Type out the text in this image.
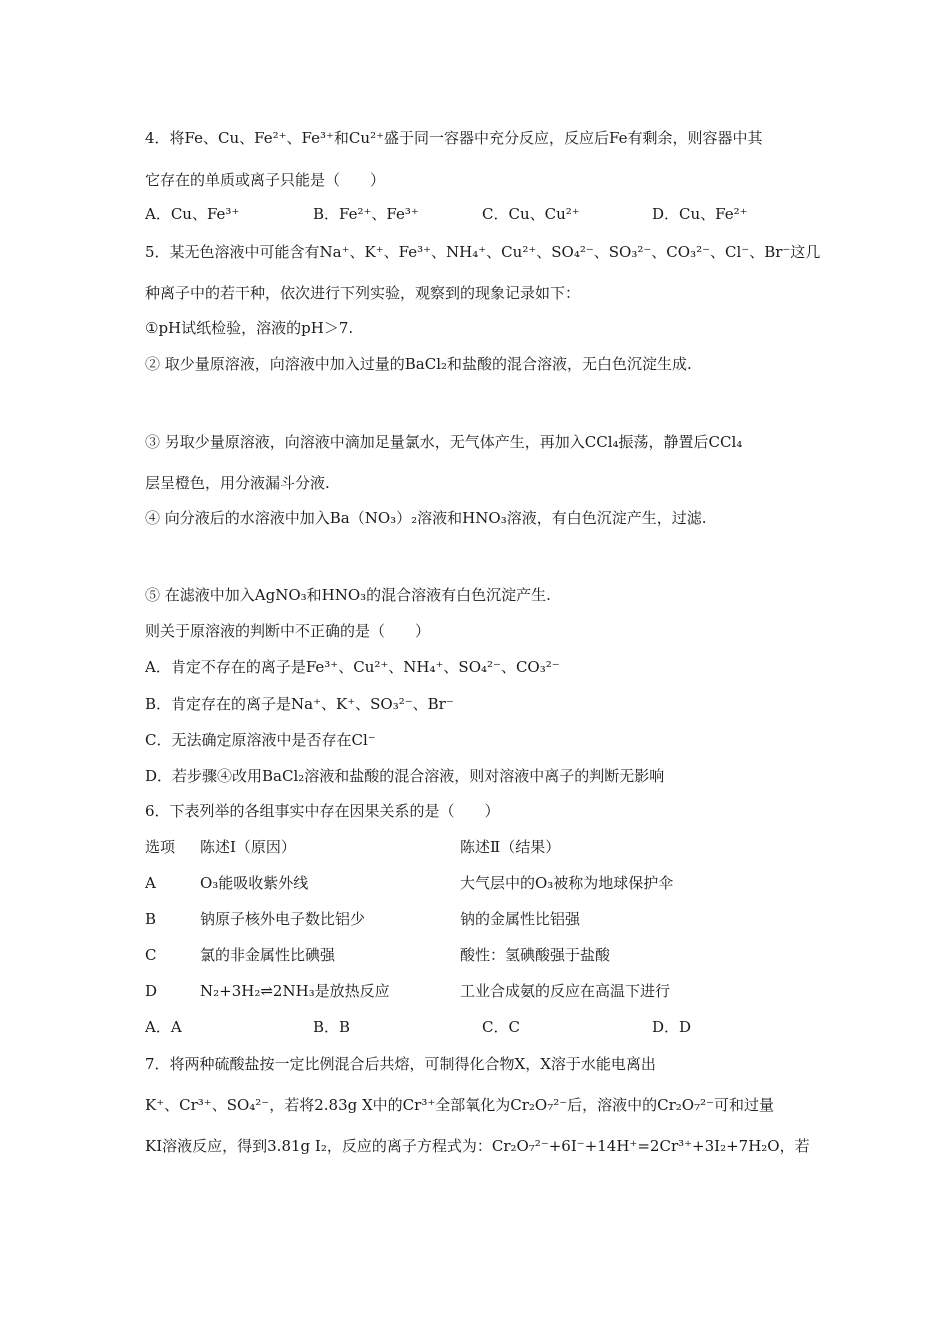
4．将Fe、Cu、Fe²⁺、Fe³⁺和Cu²⁺盛于同一容器中充分反应，反应后Fe有剩余，则容器中其
它存在的单质或离子只能是（　　）
A．Cu、Fe³⁺	B．Fe²⁺、Fe³⁺	C．Cu、Cu²⁺	D．Cu、Fe²⁺
5．某无色溶液中可能含有Na⁺、K⁺、Fe³⁺、NH₄⁺、Cu²⁺、SO₄²⁻、SO₃²⁻、CO₃²⁻、Cl⁻、Br⁻这几
种离子中的若干种，依次进行下列实验，观察到的现象记录如下：
①pH试纸检验，溶液的pH＞7.
② 取少量原溶液，向溶液中加入过量的BaCl₂和盐酸的混合溶液，无白色沉淀生成.
③ 另取少量原溶液，向溶液中滴加足量氯水，无气体产生，再加入CCl₄振荡，静置后CCl₄
层呈橙色，用分液漏斗分液.
④ 向分液后的水溶液中加入Ba（NO₃）₂溶液和HNO₃溶液，有白色沉淀产生，过滤.
⑤ 在滤液中加入AgNO₃和HNO₃的混合溶液有白色沉淀产生.
则关于原溶液的判断中不正确的是（　　）
A．肯定不存在的离子是Fe³⁺、Cu²⁺、NH₄⁺、SO₄²⁻、CO₃²⁻
B．肯定存在的离子是Na⁺、K⁺、SO₃²⁻、Br⁻
C．无法确定原溶液中是否存在Cl⁻
D．若步骤④改用BaCl₂溶液和盐酸的混合溶液，则对溶液中离子的判断无影响
6．下表列举的各组事实中存在因果关系的是（　　）
选项 陈述Ⅰ（原因）	陈述Ⅱ（结果）
A	O₃能吸收紫外线	大气层中的O₃被称为地球保护伞
B	钠原子核外电子数比铝少	钠的金属性比铝强
C	氯的非金属性比碘强	酸性：氢碘酸强于盐酸
D	N₂+3H₂⇌2NH₃是放热反应	工业合成氨的反应在高温下进行
A．A	B．B	C．C	D．D
7．将两种硫酸盐按一定比例混合后共熔，可制得化合物X，X溶于水能电离出
K⁺、Cr³⁺、SO₄²⁻，若将2.83g X中的Cr³⁺全部氧化为Cr₂O₇²⁻后，溶液中的Cr₂O₇²⁻可和过量
KI溶液反应，得到3.81g I₂，反应的离子方程式为：Cr₂O₇²⁻+6I⁻+14H⁺=2Cr³⁺+3I₂+7H₂O，若
